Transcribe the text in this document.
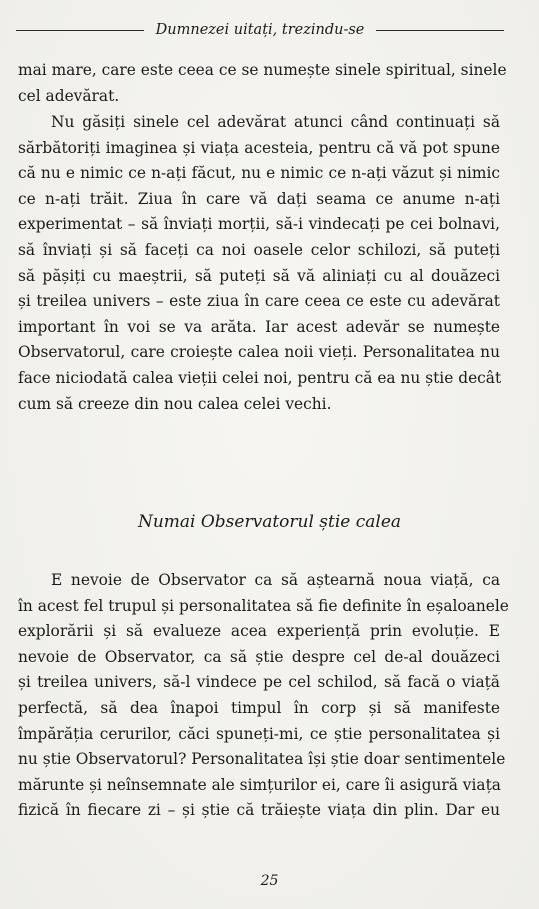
Dumnezei uitați, trezindu-se
mai mare, care este ceea ce se numește sinele spiritual, sinele
cel adevărat.
Nu găsiți sinele cel adevărat atunci când continuați să
sărbătoriți imaginea și viața acesteia, pentru că vă pot spune
că nu e nimic ce n-ați făcut, nu e nimic ce n-ați văzut și nimic
ce n-ați trăit. Ziua în care vă dați seama ce anume n-ați
experimentat – să înviați morții, să-i vindecați pe cei bolnavi,
să înviați și să faceți ca noi oasele celor schilozi, să puteți
să pășiți cu maeștrii, să puteți să vă aliniați cu al douăzeci
și treilea univers – este ziua în care ceea ce este cu adevărat
important în voi se va arăta. Iar acest adevăr se numește
Observatorul, care croiește calea noii vieți. Personalitatea nu
face niciodată calea vieții celei noi, pentru că ea nu știe decât
cum să creeze din nou calea celei vechi.
Numai Observatorul știe calea
E nevoie de Observator ca să aștearnă noua viață, ca
în acest fel trupul și personalitatea să fie definite în eșaloanele
explorării și să evalueze acea experiență prin evoluție. E
nevoie de Observator, ca să știe despre cel de-al douăzeci
și treilea univers, să-l vindece pe cel schilod, să facă o viață
perfectă, să dea înapoi timpul în corp și să manifeste
împărăția cerurilor, căci spuneți-mi, ce știe personalitatea și
nu știe Observatorul? Personalitatea își știe doar sentimentele
mărunte și neînsemnate ale simțurilor ei, care îi asigură viața
fizică în fiecare zi – și știe că trăiește viața din plin. Dar eu
25
